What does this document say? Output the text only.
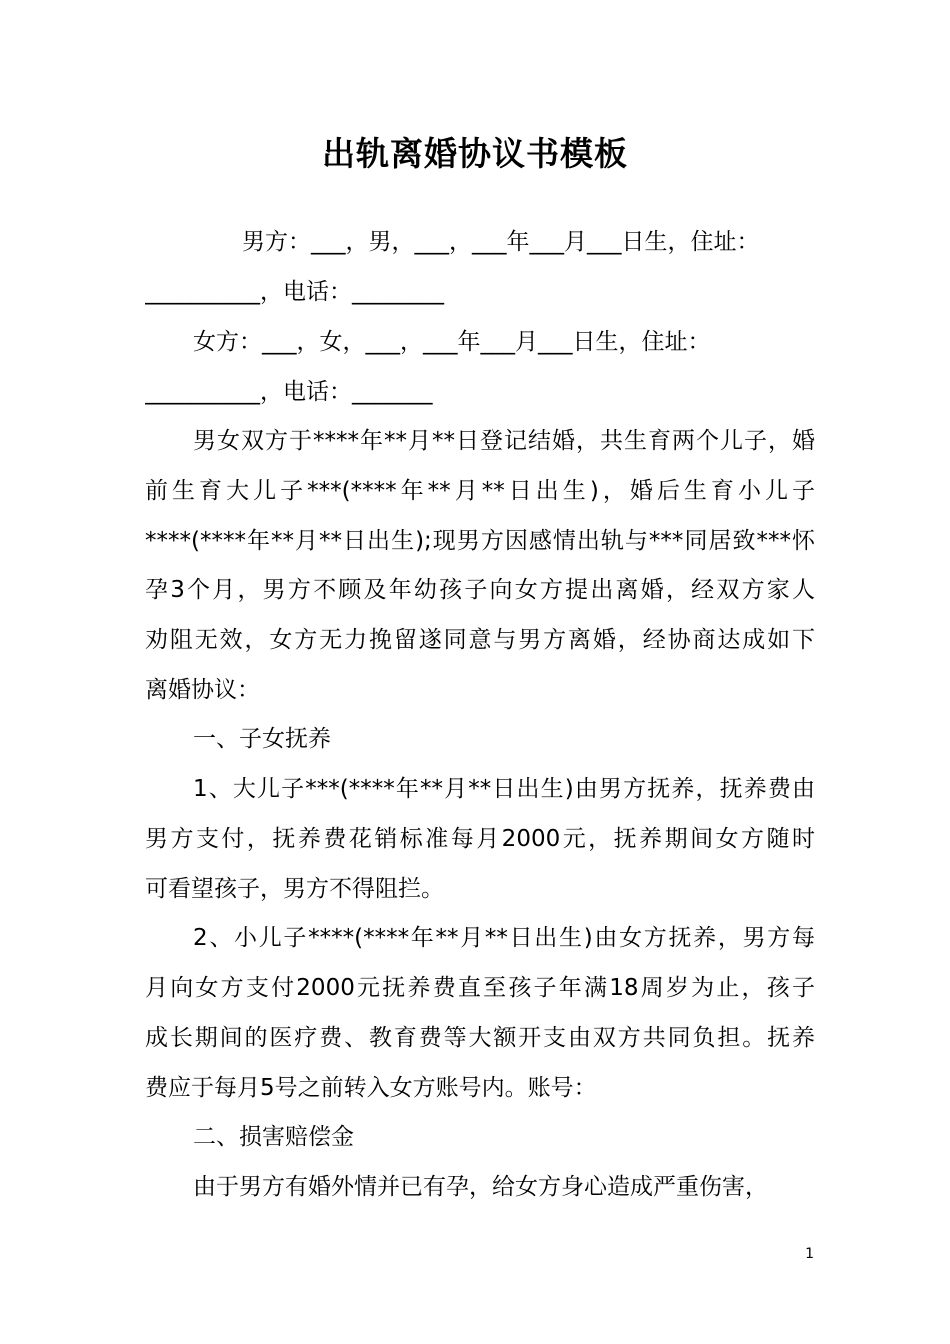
出轨离婚协议书模板
男方：___，男，___，___年___月___日生，住址：
__________，电话：________
女方：___，女，___，___年___月___日生，住址：
__________，电话：_______
男女双方于****年**月**日登记结婚，共生育两个儿子，婚
前生育大儿子***(****年**月**日出生)，婚后生育小儿子
****(****年**月**日出生);现男方因感情出轨与***同居致***怀
孕3个月，男方不顾及年幼孩子向女方提出离婚，经双方家人
劝阻无效，女方无力挽留遂同意与男方离婚，经协商达成如下
离婚协议：
一、子女抚养
1、大儿子***(****年**月**日出生)由男方抚养，抚养费由
男方支付，抚养费花销标准每月2000元，抚养期间女方随时
可看望孩子，男方不得阻拦。
2、小儿子****(****年**月**日出生)由女方抚养，男方每
月向女方支付2000元抚养费直至孩子年满18周岁为止，孩子
成长期间的医疗费、教育费等大额开支由双方共同负担。抚养
费应于每月5号之前转入女方账号内。账号：
二、损害赔偿金
由于男方有婚外情并已有孕，给女方身心造成严重伤害，
1
